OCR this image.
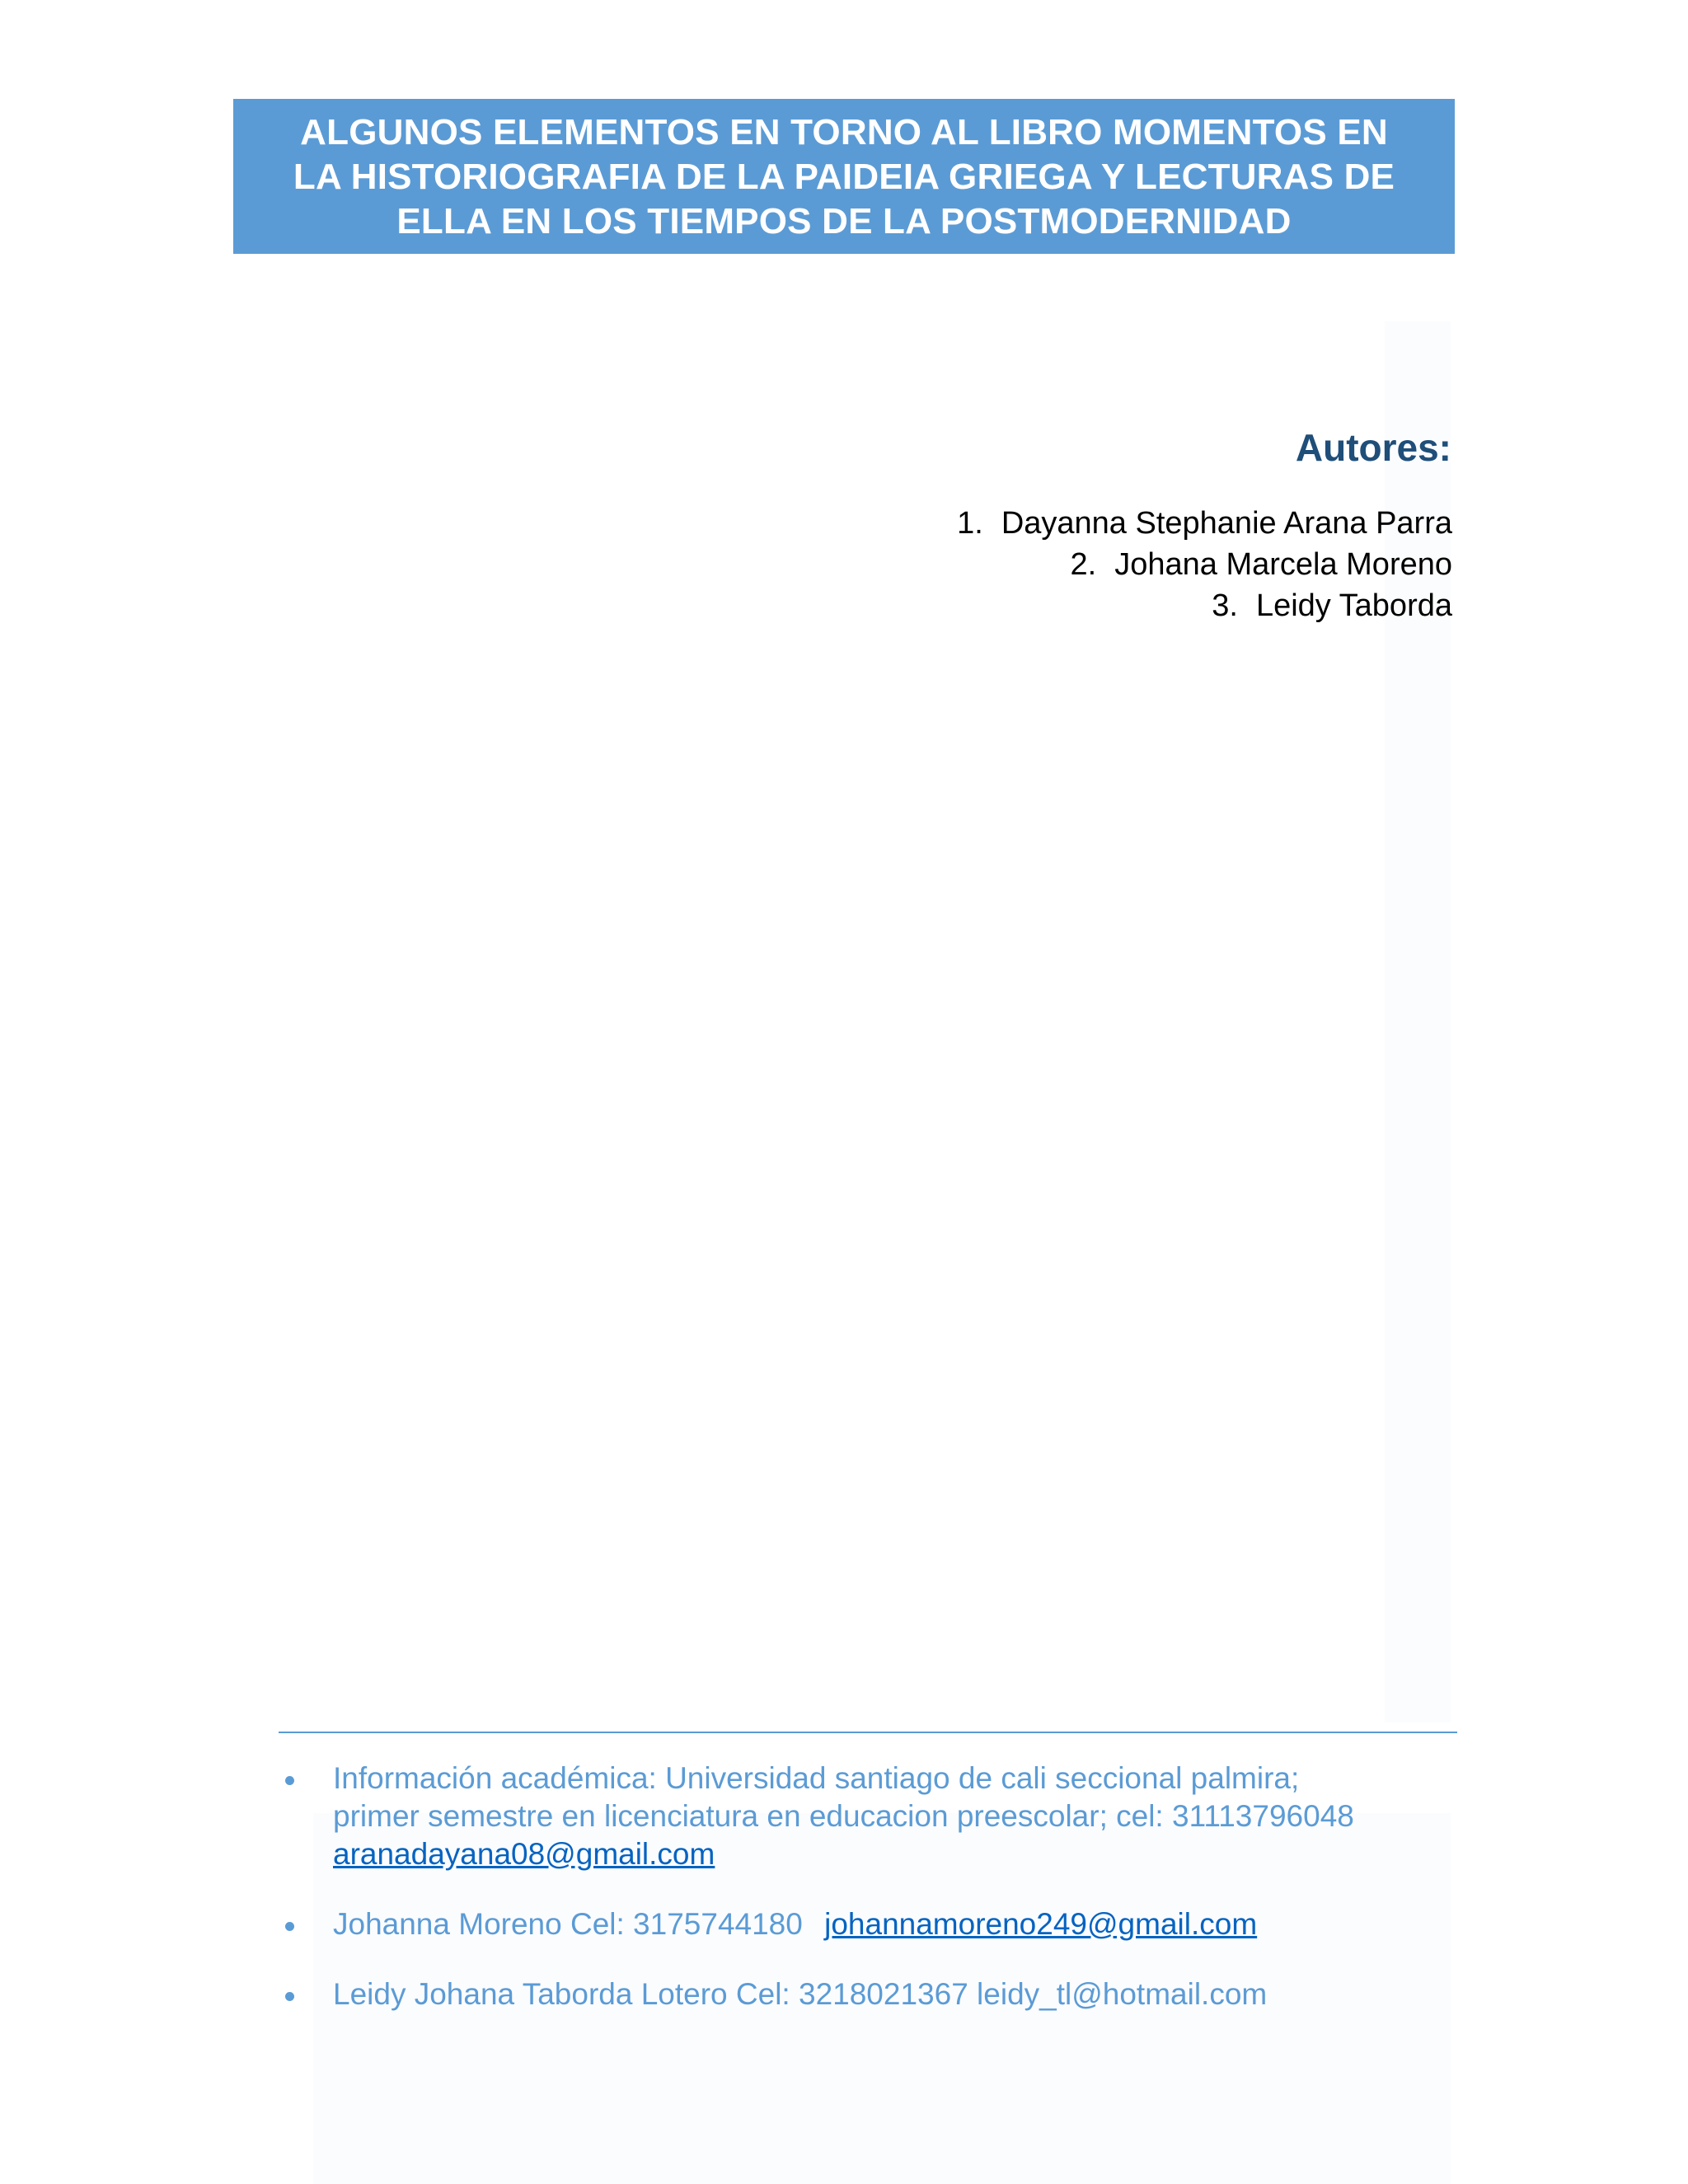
ALGUNOS ELEMENTOS EN TORNO AL LIBRO MOMENTOS EN
LA HISTORIOGRAFIA DE LA PAIDEIA GRIEGA Y LECTURAS DE
ELLA EN LOS TIEMPOS DE LA POSTMODERNIDAD
Autores:
1. Dayanna Stephanie Arana Parra
2. Johana Marcela Moreno
3. Leidy Taborda
Información académica: Universidad santiago de cali seccional palmira;
primer semestre en licenciatura en educacion preescolar; cel: 31113796048
aranadayana08@gmail.com
Johanna Moreno Cel: 3175744180 johannamoreno249@gmail.com
Leidy Johana Taborda Lotero Cel: 3218021367 leidy_tl@hotmail.com
